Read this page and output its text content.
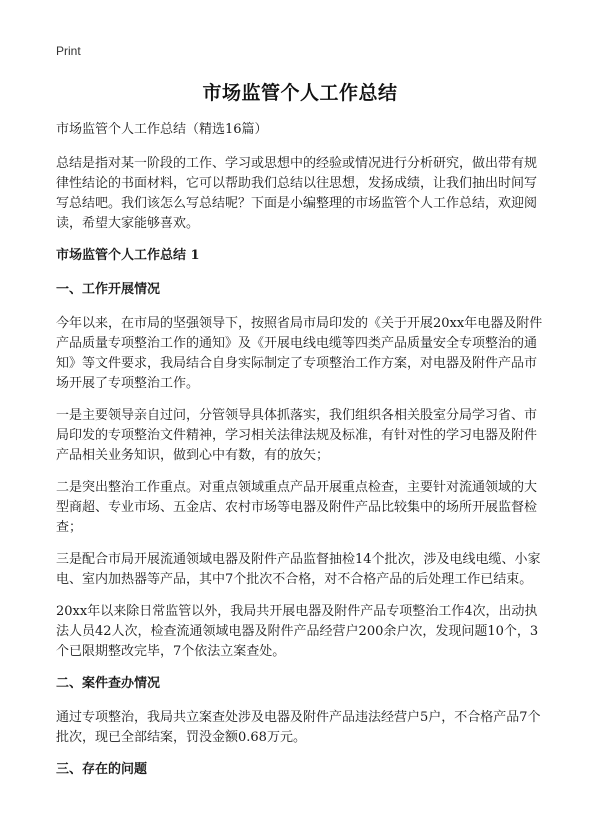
Print
市场监管个人工作总结

市场监管个人工作总结（精选16篇）

总结是指对某一阶段的工作、学习或思想中的经验或情况进行分析研究，做出带有规律性结论的书面材料，它可以帮助我们总结以往思想，发扬成绩，让我们抽出时间写写总结吧。我们该怎么写总结呢？下面是小编整理的市场监管个人工作总结，欢迎阅读，希望大家能够喜欢。

市场监管个人工作总结 1

一、工作开展情况

今年以来，在市局的坚强领导下，按照省局市局印发的《关于开展20xx年电器及附件产品质量专项整治工作的通知》及《开展电线电缆等四类产品质量安全专项整治的通知》等文件要求，我局结合自身实际制定了专项整治工作方案，对电器及附件产品市场开展了专项整治工作。

一是主要领导亲自过问，分管领导具体抓落实，我们组织各相关股室分局学习省、市局印发的专项整治文件精神，学习相关法律法规及标准，有针对性的学习电器及附件产品相关业务知识，做到心中有数，有的放矢；

二是突出整治工作重点。对重点领域重点产品开展重点检查，主要针对流通领域的大型商超、专业市场、五金店、农村市场等电器及附件产品比较集中的场所开展监督检查；

三是配合市局开展流通领域电器及附件产品监督抽检14个批次，涉及电线电缆、小家电、室内加热器等产品，其中7个批次不合格，对不合格产品的后处理工作已结束。

20xx年以来除日常监管以外，我局共开展电器及附件产品专项整治工作4次，出动执法人员42人次，检查流通领域电器及附件产品经营户200余户次，发现问题10个，3个已限期整改完毕，7个依法立案查处。

二、案件查办情况

通过专项整治，我局共立案查处涉及电器及附件产品违法经营户5户，不合格产品7个批次，现已全部结案，罚没金额0.68万元。

三、存在的问题
